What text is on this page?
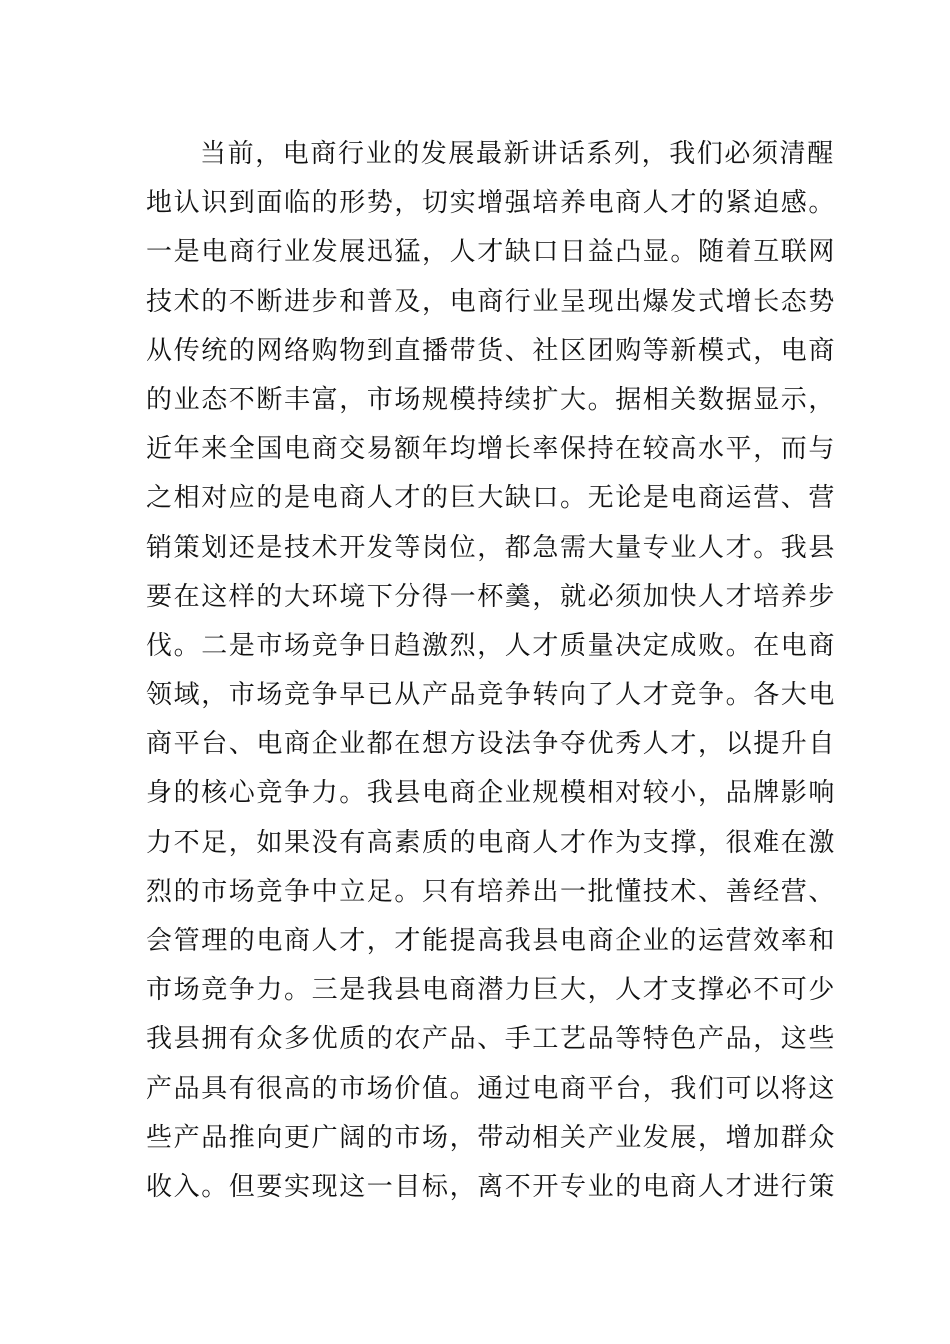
当前，电商行业的发展最新讲话系列，我们必须清醒
地认识到面临的形势，切实增强培养电商人才的紧迫感。
一是电商行业发展迅猛，人才缺口日益凸显。随着互联网
技术的不断进步和普及，电商行业呈现出爆发式增长态势
从传统的网络购物到直播带货、社区团购等新模式，电商
的业态不断丰富，市场规模持续扩大。据相关数据显示，
近年来全国电商交易额年均增长率保持在较高水平，而与
之相对应的是电商人才的巨大缺口。无论是电商运营、营
销策划还是技术开发等岗位，都急需大量专业人才。我县
要在这样的大环境下分得一杯羹，就必须加快人才培养步
伐。二是市场竞争日趋激烈，人才质量决定成败。在电商
领域，市场竞争早已从产品竞争转向了人才竞争。各大电
商平台、电商企业都在想方设法争夺优秀人才，以提升自
身的核心竞争力。我县电商企业规模相对较小，品牌影响
力不足，如果没有高素质的电商人才作为支撑，很难在激
烈的市场竞争中立足。只有培养出一批懂技术、善经营、
会管理的电商人才，才能提高我县电商企业的运营效率和
市场竞争力。三是我县电商潜力巨大，人才支撑必不可少
我县拥有众多优质的农产品、手工艺品等特色产品，这些
产品具有很高的市场价值。通过电商平台，我们可以将这
些产品推向更广阔的市场，带动相关产业发展，增加群众
收入。但要实现这一目标，离不开专业的电商人才进行策
